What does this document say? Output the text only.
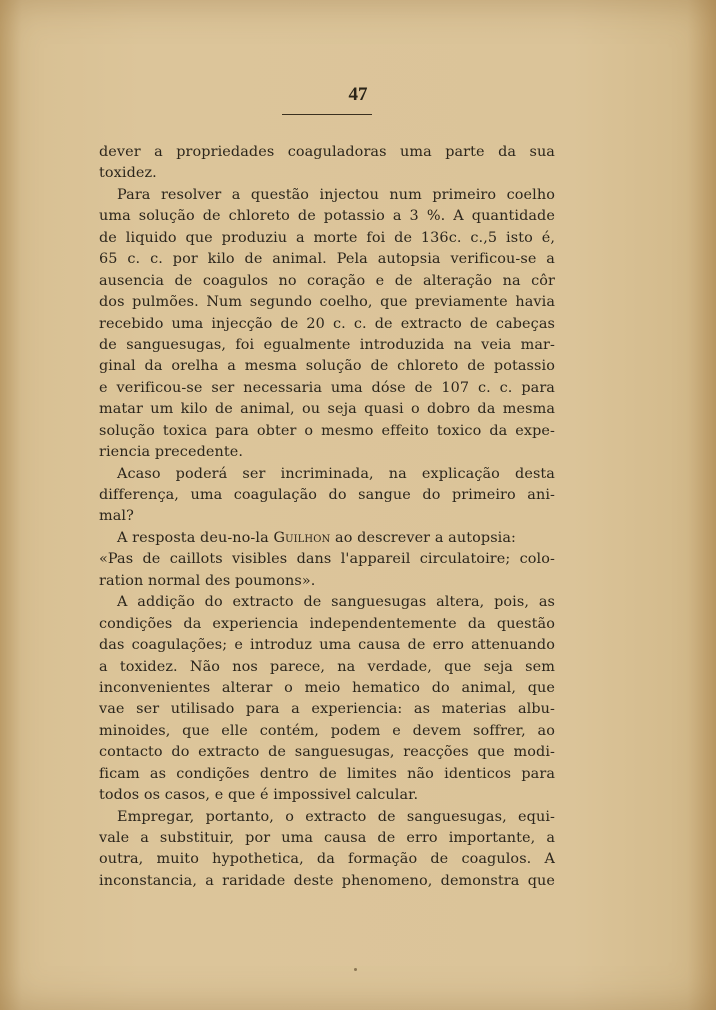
47
dever a propriedades coaguladoras uma parte da sua
toxidez.
Para resolver a questão injectou num primeiro coelho
uma solução de chloreto de potassio a 3 %. A quantidade
de liquido que produziu a morte foi de 136c. c.,5 isto é,
65 c. c. por kilo de animal. Pela autopsia verificou-se a
ausencia de coagulos no coração e de alteração na côr
dos pulmões. Num segundo coelho, que previamente havia
recebido uma injecção de 20 c. c. de extracto de cabeças
de sanguesugas, foi egualmente introduzida na veia mar-
ginal da orelha a mesma solução de chloreto de potassio
e verificou-se ser necessaria uma dóse de 107 c. c. para
matar um kilo de animal, ou seja quasi o dobro da mesma
solução toxica para obter o mesmo effeito toxico da expe-
riencia precedente.
Acaso poderá ser incriminada, na explicação desta
differença, uma coagulação do sangue do primeiro ani-
mal?
A resposta deu-no-la Guilhon ao descrever a autopsia:
«Pas de caillots visibles dans l'appareil circulatoire; colo-
ration normal des poumons».
A addição do extracto de sanguesugas altera, pois, as
condições da experiencia independentemente da questão
das coagulações; e introduz uma causa de erro attenuando
a toxidez. Não nos parece, na verdade, que seja sem
inconvenientes alterar o meio hematico do animal, que
vae ser utilisado para a experiencia: as materias albu-
minoides, que elle contém, podem e devem soffrer, ao
contacto do extracto de sanguesugas, reacções que modi-
ficam as condições dentro de limites não identicos para
todos os casos, e que é impossivel calcular.
Empregar, portanto, o extracto de sanguesugas, equi-
vale a substituir, por uma causa de erro importante, a
outra, muito hypothetica, da formação de coagulos. A
inconstancia, a raridade deste phenomeno, demonstra que
